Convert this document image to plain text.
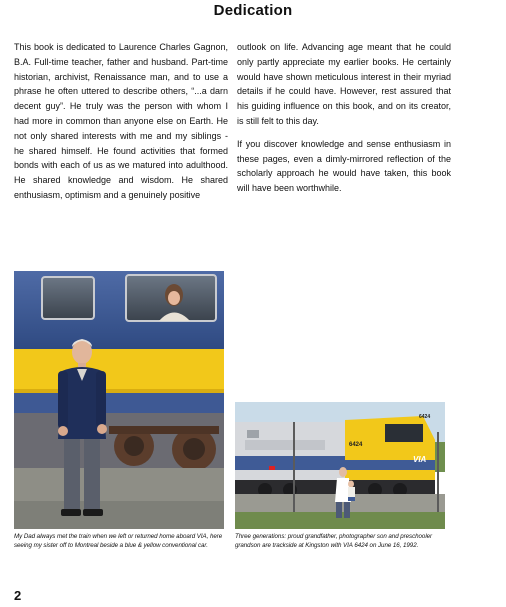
Dedication

This book is dedicated to Laurence Charles Gagnon, B.A. Full-time teacher, father and husband. Part-time historian, archivist, Renaissance man, and to use a phrase he often uttered to describe others, “...a darn decent guy”. He truly was the person with whom I had more in common than anyone else on Earth. He not only shared interests with me and my siblings - he shared himself. He found activities that formed bonds with each of us as we matured into adulthood. He shared knowledge and wisdom. He shared enthusiasm, optimism and a genuinely positive

outlook on life. Advancing age meant that he could only partly appreciate my earlier books. He certainly would have shown meticulous interest in their myriad details if he could have. However, rest assured that his guiding influence on this book, and on its creator, is still felt to this day.

If you discover knowledge and sense enthusiasm in these pages, even a dimly-mirrored reflection of the scholarly approach he would have taken, this book will have been worthwhile.

6424
6424
VIA
My Dad always met the train when we left or returned home aboard VIA, here seeing my sister off to Montreal beside a blue & yellow conventional car.
Three generations: proud grandfather, photographer son and preschooler grandson are trackside at Kingston with VIA 6424 on June 16, 1992.
2
